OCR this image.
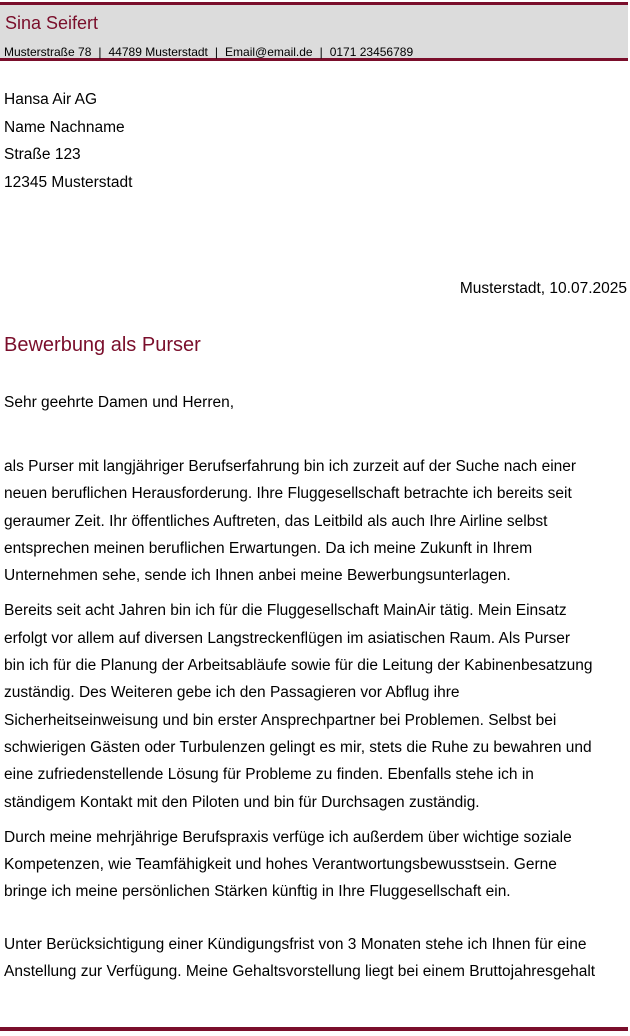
Sina Seifert
Musterstraße 78 | 44789 Musterstadt | Email@email.de | 0171 23456789
Hansa Air AG
Name Nachname
Straße 123
12345 Musterstadt
Musterstadt, 10.07.2025
Bewerbung als Purser
Sehr geehrte Damen und Herren,

als Purser mit langjähriger Berufserfahrung bin ich zurzeit auf der Suche nach einer
neuen beruflichen Herausforderung. Ihre Fluggesellschaft betrachte ich bereits seit
geraumer Zeit. Ihr öffentliches Auftreten, das Leitbild als auch Ihre Airline selbst
entsprechen meinen beruflichen Erwartungen. Da ich meine Zukunft in Ihrem
Unternehmen sehe, sende ich Ihnen anbei meine Bewerbungsunterlagen.

Bereits seit acht Jahren bin ich für die Fluggesellschaft MainAir tätig. Mein Einsatz
erfolgt vor allem auf diversen Langstreckenflügen im asiatischen Raum. Als Purser
bin ich für die Planung der Arbeitsabläufe sowie für die Leitung der Kabinenbesatzung
zuständig. Des Weiteren gebe ich den Passagieren vor Abflug ihre
Sicherheitseinweisung und bin erster Ansprechpartner bei Problemen. Selbst bei
schwierigen Gästen oder Turbulenzen gelingt es mir, stets die Ruhe zu bewahren und
eine zufriedenstellende Lösung für Probleme zu finden. Ebenfalls stehe ich in
ständigem Kontakt mit den Piloten und bin für Durchsagen zuständig.

Durch meine mehrjährige Berufspraxis verfüge ich außerdem über wichtige soziale
Kompetenzen, wie Teamfähigkeit und hohes Verantwortungsbewusstsein. Gerne
bringe ich meine persönlichen Stärken künftig in Ihre Fluggesellschaft ein.

Unter Berücksichtigung einer Kündigungsfrist von 3 Monaten stehe ich Ihnen für eine
Anstellung zur Verfügung. Meine Gehaltsvorstellung liegt bei einem Bruttojahresgehalt
